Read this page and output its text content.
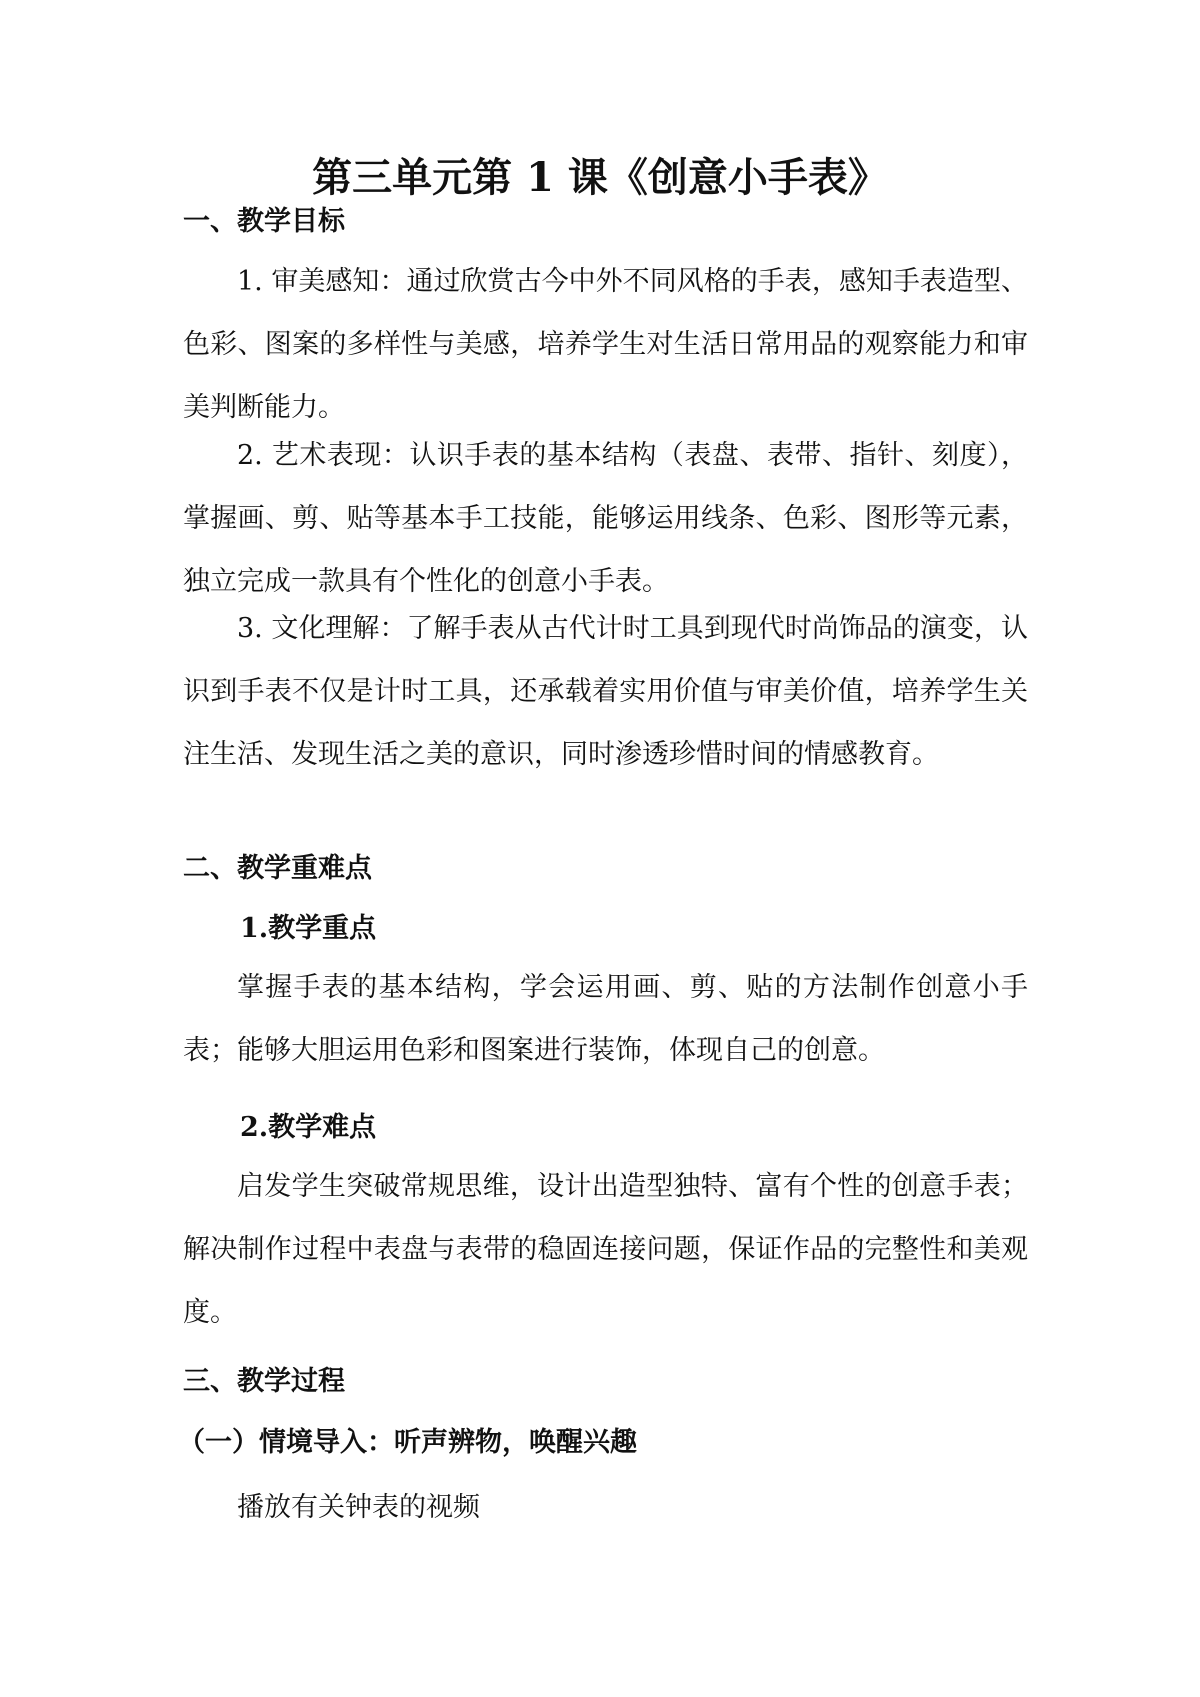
第三单元第 1 课《创意小手表》
一、教学目标

1. 审美感知：通过欣赏古今中外不同风格的手表，感知手表造型、色彩、图案的多样性与美感，培养学生对生活日常用品的观察能力和审美判断能力。

2. 艺术表现：认识手表的基本结构（表盘、表带、指针、刻度），掌握画、剪、贴等基本手工技能，能够运用线条、色彩、图形等元素，独立完成一款具有个性化的创意小手表。

3. 文化理解：了解手表从古代计时工具到现代时尚饰品的演变，认识到手表不仅是计时工具，还承载着实用价值与审美价值，培养学生关注生活、发现生活之美的意识，同时渗透珍惜时间的情感教育。

二、教学重难点
1.教学重点

掌握手表的基本结构，学会运用画、剪、贴的方法制作创意小手表；能够大胆运用色彩和图案进行装饰，体现自己的创意。

2.教学难点

启发学生突破常规思维，设计出造型独特、富有个性的创意手表；解决制作过程中表盘与表带的稳固连接问题，保证作品的完整性和美观度。

三、教学过程
（一）情境导入：听声辨物，唤醒兴趣

播放有关钟表的视频
